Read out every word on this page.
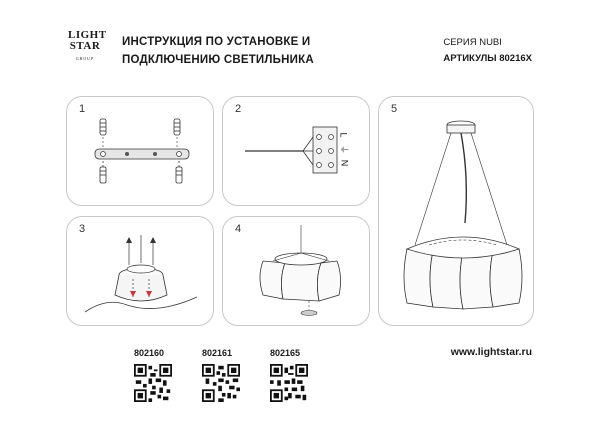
LIGHT
STAR
GROUP
ИНСТРУКЦИЯ ПО УСТАНОВКЕ И
ПОДКЛЮЧЕНИЮ СВЕТИЛЬНИКА
СЕРИЯ NUBI
АРТИКУЛЫ 80216X
1	2
L
⏚
N
3	4
5
802160	802161	802165	www.lightstar.ru
